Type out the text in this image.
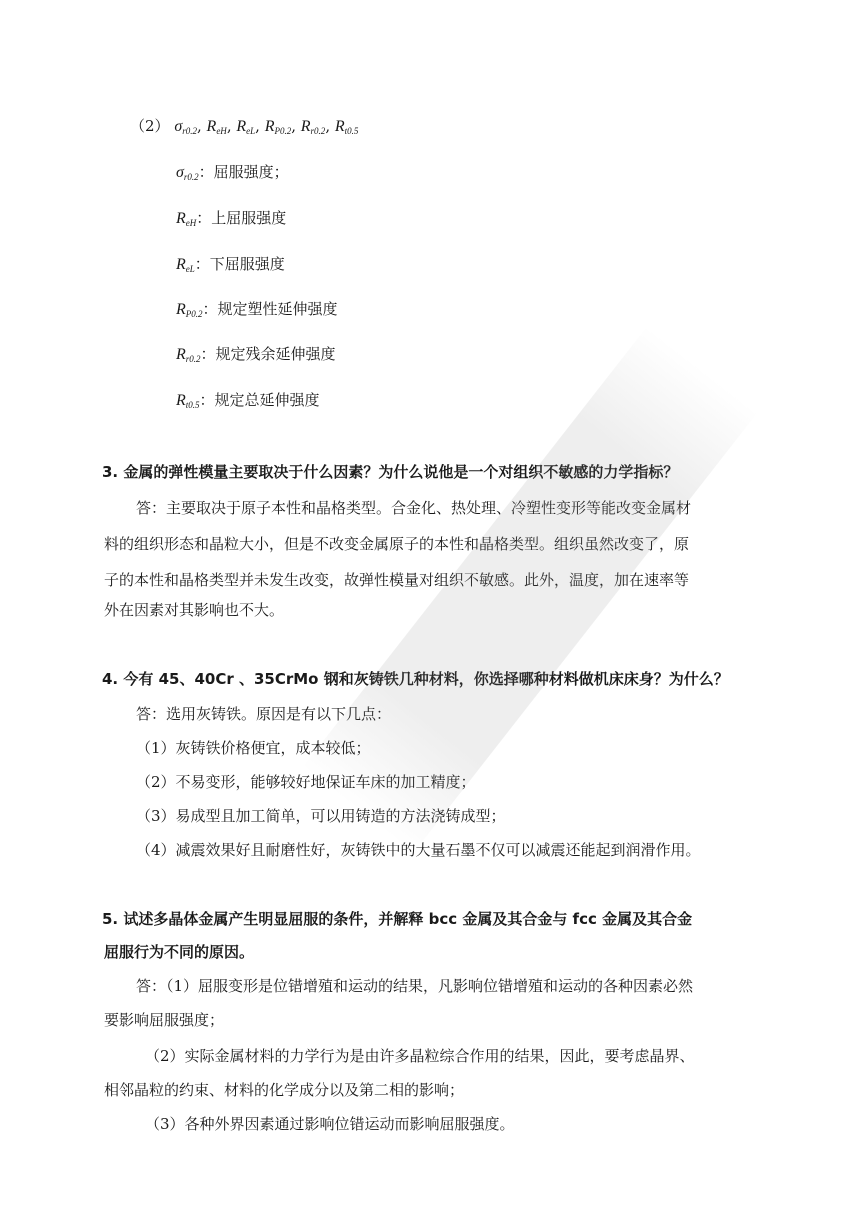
（2） $\sigma_{r0.2}$, $R_{eH}$, $R_{eL}$, $R_{P0.2}$, $R_{r0.2}$, $R_{t0.5}$
$\sigma_{r0.2}$：屈服强度；
$R_{eH}$：上屈服强度
$R_{eL}$：下屈服强度
$R_{P0.2}$：规定塑性延伸强度
$R_{r0.2}$：规定残余延伸强度
$R_{t0.5}$：规定总延伸强度
3. 金属的弹性模量主要取决于什么因素？为什么说他是一个对组织不敏感的力学指标？
答：主要取决于原子本性和晶格类型。合金化、热处理、冷塑性变形等能改变金属材
料的组织形态和晶粒大小，但是不改变金属原子的本性和晶格类型。组织虽然改变了，原
子的本性和晶格类型并未发生改变，故弹性模量对组织不敏感。此外，温度，加在速率等
外在因素对其影响也不大。
4. 今有 45、40Cr 、35CrMo 钢和灰铸铁几种材料，你选择哪种材料做机床床身？为什么？
答：选用灰铸铁。原因是有以下几点：
（1）灰铸铁价格便宜，成本较低；
（2）不易变形，能够较好地保证车床的加工精度；
（3）易成型且加工简单，可以用铸造的方法浇铸成型；
（4）减震效果好且耐磨性好，灰铸铁中的大量石墨不仅可以减震还能起到润滑作用。
5. 试述多晶体金属产生明显屈服的条件，并解释 bcc 金属及其合金与 fcc 金属及其合金
屈服行为不同的原因。
答：（1）屈服变形是位错增殖和运动的结果，凡影响位错增殖和运动的各种因素必然
要影响屈服强度；
（2）实际金属材料的力学行为是由许多晶粒综合作用的结果，因此，要考虑晶界、
相邻晶粒的约束、材料的化学成分以及第二相的影响；
（3）各种外界因素通过影响位错运动而影响屈服强度。
